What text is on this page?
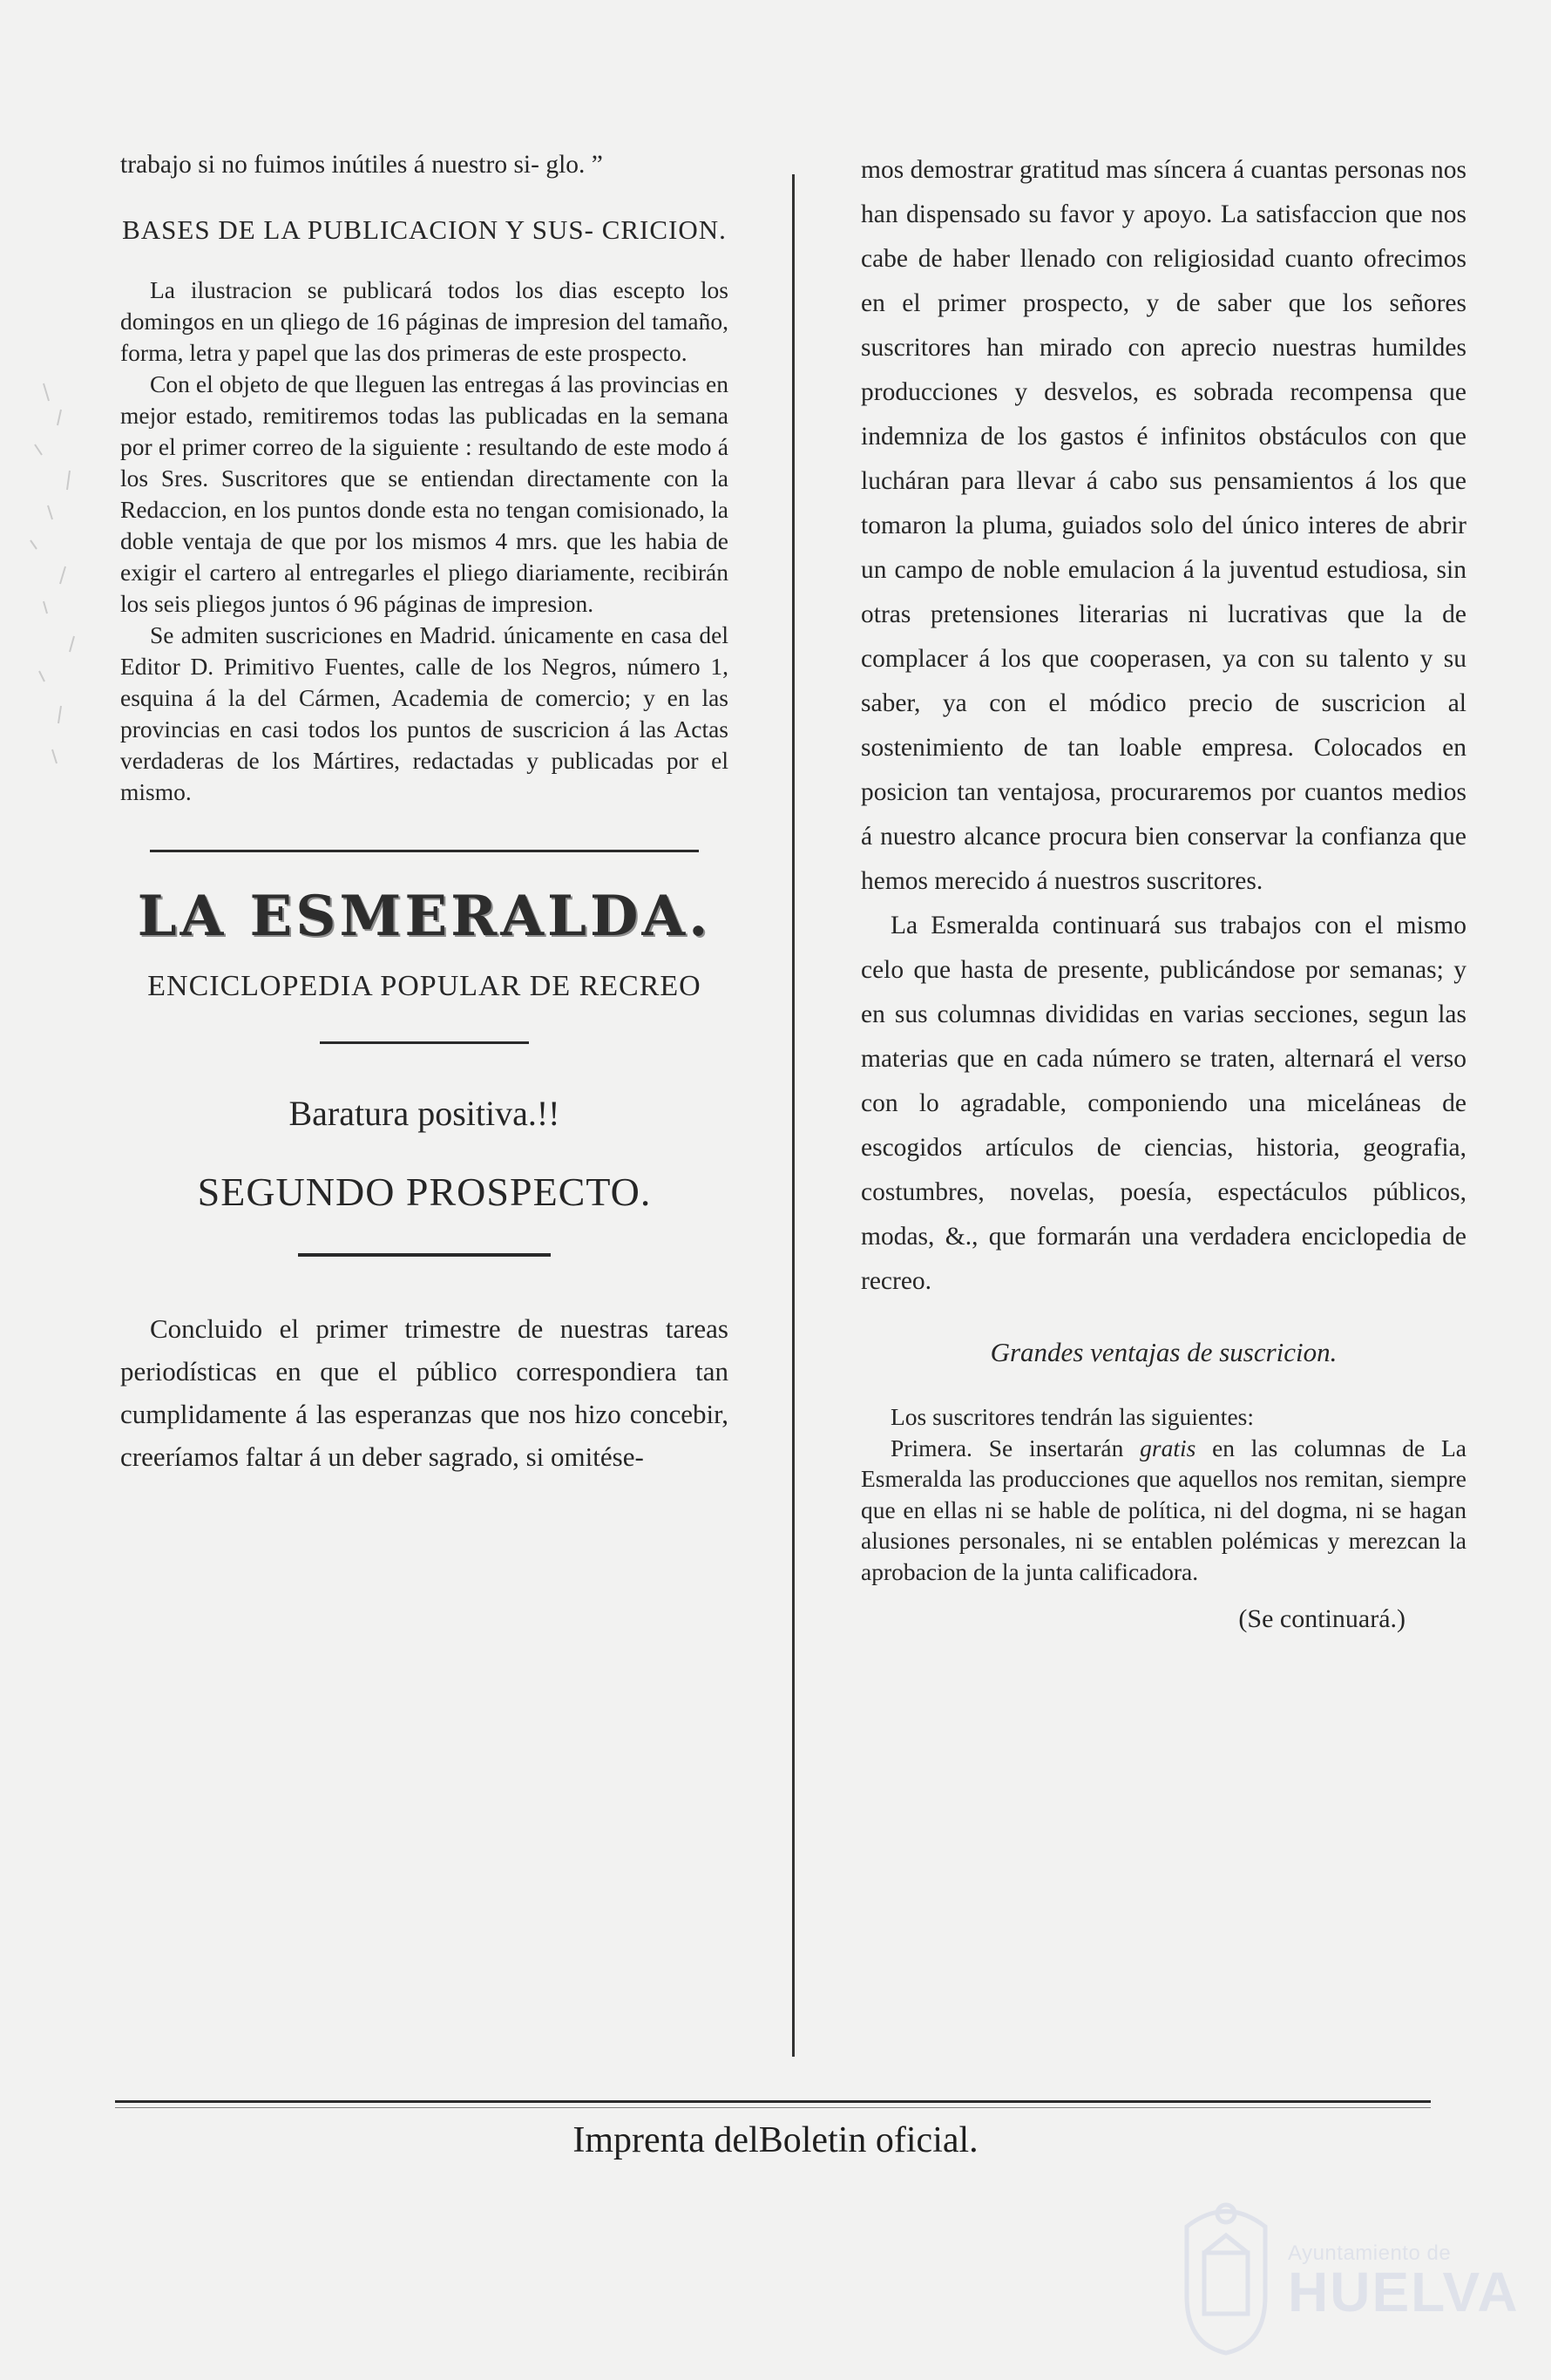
trabajo si no fuimos inútiles á nuestro si- glo. ”

BASES DE LA PUBLICACION Y SUS- CRICION.

La ilustracion se publicará todos los dias escepto los domingos en un qliego de 16 páginas de impresion del tamaño, forma, letra y papel que las dos primeras de este prospecto.

Con el objeto de que lleguen las entregas á las provincias en mejor estado, remitiremos todas las publicadas en la semana por el primer correo de la siguiente : resultando de este modo á los Sres. Suscritores que se entiendan directamente con la Redaccion, en los puntos donde esta no tengan comisionado, la doble ventaja de que por los mismos 4 mrs. que les habia de exigir el cartero al entregarles el pliego diariamente, recibirán los seis pliegos juntos ó 96 páginas de impresion.

Se admiten suscriciones en Madrid. únicamente en casa del Editor D. Primitivo Fuentes, calle de los Negros, número 1, esquina á la del Cármen, Academia de comercio; y en las provincias en casi todos los puntos de suscricion á las Actas verdaderas de los Mártires, redactadas y publicadas por el mismo.

LA ESMERALDA.

ENCICLOPEDIA POPULAR DE RECREO

Baratura positiva.!!

SEGUNDO PROSPECTO.

Concluido el primer trimestre de nuestras tareas periodísticas en que el público correspondiera tan cumplidamente á las esperanzas que nos hizo concebir, creeríamos faltar á un deber sagrado, si omitése-

mos demostrar gratitud mas síncera á cuantas personas nos han dispensado su favor y apoyo. La satisfaccion que nos cabe de haber llenado con religiosidad cuanto ofrecimos en el primer prospecto, y de saber que los señores suscritores han mirado con aprecio nuestras humildes producciones y desvelos, es sobrada recompensa que indemniza de los gastos é infinitos obstáculos con que lucháran para llevar á cabo sus pensamientos á los que tomaron la pluma, guiados solo del único interes de abrir un campo de noble emulacion á la juventud estudiosa, sin otras pretensiones literarias ni lucrativas que la de complacer á los que cooperasen, ya con su talento y su saber, ya con el módico precio de suscricion al sostenimiento de tan loable empresa. Colocados en posicion tan ventajosa, procuraremos por cuantos medios á nuestro alcance procura bien conservar la confianza que hemos merecido á nuestros suscritores.

La Esmeralda continuará sus trabajos con el mismo celo que hasta de presente, publicándose por semanas; y en sus columnas divididas en varias secciones, segun las materias que en cada número se traten, alternará el verso con lo agradable, componiendo una miceláneas de escogidos artículos de ciencias, historia, geografia, costumbres, novelas, poesía, espectáculos públicos, modas, &., que formarán una verdadera enciclopedia de recreo.

Grandes ventajas de suscricion.

Los suscritores tendrán las siguientes:

Primera. Se insertarán gratis en las columnas de La Esmeralda las producciones que aquellos nos remitan, siempre que en ellas ni se hable de política, ni del dogma, ni se hagan alusiones personales, ni se entablen polémicas y merezcan la aprobacion de la junta calificadora.

(Se continuará.)

Imprenta delBoletin oficial.
Ayuntamiento de
HUELVA
